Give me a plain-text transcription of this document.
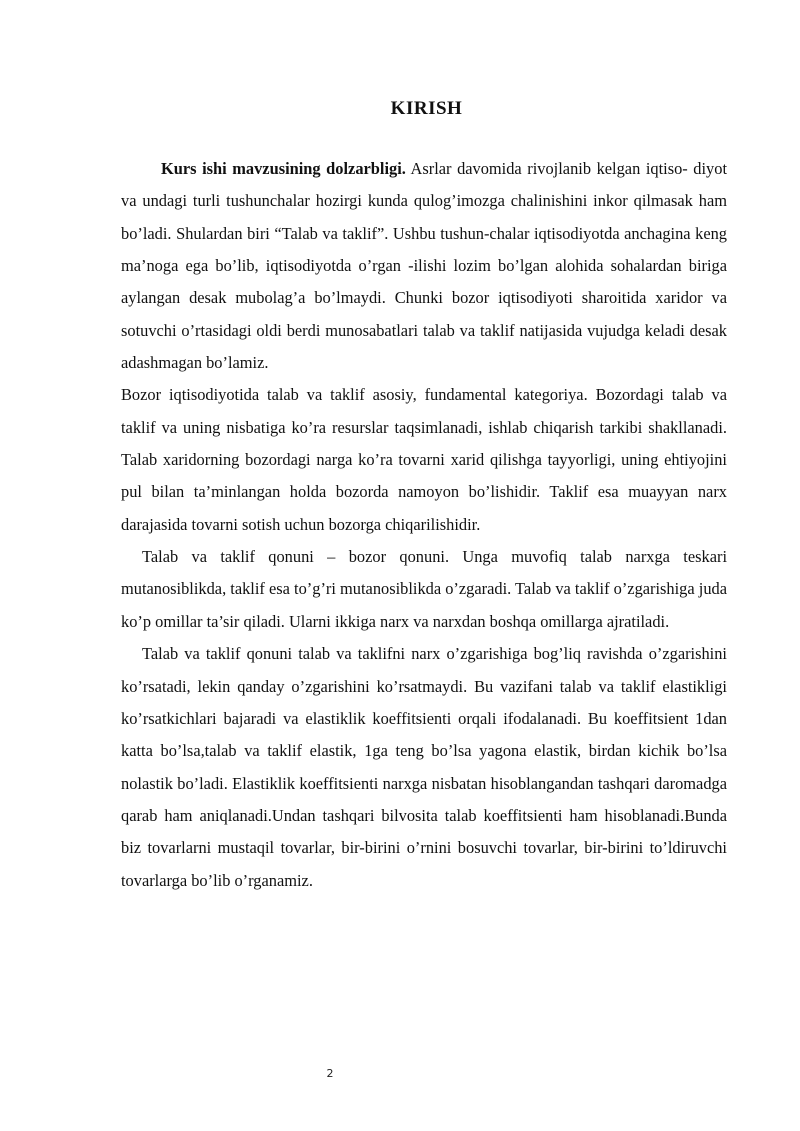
KIRISH

Kurs ishi mavzusining dolzarbligi. Asrlar davomida rivojlanib kelgan iqtiso- diyot va undagi turli tushunchalar hozirgi kunda qulog’imozga chalinishini inkor qilmasak ham bo’ladi. Shulardan biri “Talab va taklif”. Ushbu tushun-chalar iqtisodiyotda anchagina keng ma’noga ega bo’lib, iqtisodiyotda o’rgan -ilishi lozim bo’lgan alohida sohalardan biriga aylangan desak mubolag’a bo’lmaydi. Chunki bozor iqtisodiyoti sharoitida xaridor va sotuvchi o’rtasidagi oldi berdi munosabatlari talab va taklif natijasida vujudga keladi desak adashmagan bo’lamiz.

Bozor iqtisodiyotida talab va taklif asosiy, fundamental kategoriya. Bozordagi talab va taklif va uning nisbatiga ko’ra resurslar taqsimlanadi, ishlab chiqarish tarkibi shakllanadi. Talab xaridorning bozordagi narga ko’ra tovarni xarid qilishga tayyorligi, uning ehtiyojini pul bilan ta’minlangan holda bozorda namoyon bo’lishidir. Taklif esa muayyan narx darajasida tovarni sotish uchun bozorga chiqarilishidir.

Talab va taklif qonuni – bozor qonuni. Unga muvofiq talab narxga teskari mutanosiblikda, taklif esa to’g’ri mutanosiblikda o’zgaradi. Talab va taklif o’zgarishiga juda ko’p omillar ta’sir qiladi. Ularni ikkiga narx va narxdan boshqa omillarga ajratiladi.

Talab va taklif qonuni talab va taklifni narx o’zgarishiga bog’liq ravishda o’zgarishini ko’rsatadi, lekin qanday o’zgarishini ko’rsatmaydi. Bu vazifani talab va taklif elastikligi ko’rsatkichlari bajaradi va elastiklik koeffitsienti orqali ifodalanadi. Bu koeffitsient 1dan katta bo’lsa,talab va taklif elastik, 1ga teng bo’lsa yagona elastik, birdan kichik bo’lsa nolastik bo’ladi. Elastiklik koeffitsienti narxga nisbatan hisoblangandan tashqari daromadga qarab ham aniqlanadi.Undan tashqari bilvosita talab koeffitsienti ham hisoblanadi.Bunda biz tovarlarni mustaqil tovarlar, bir-birini o’rnini bosuvchi tovarlar, bir-birini to’ldiruvchi tovarlarga bo’lib o’rganamiz.

2
